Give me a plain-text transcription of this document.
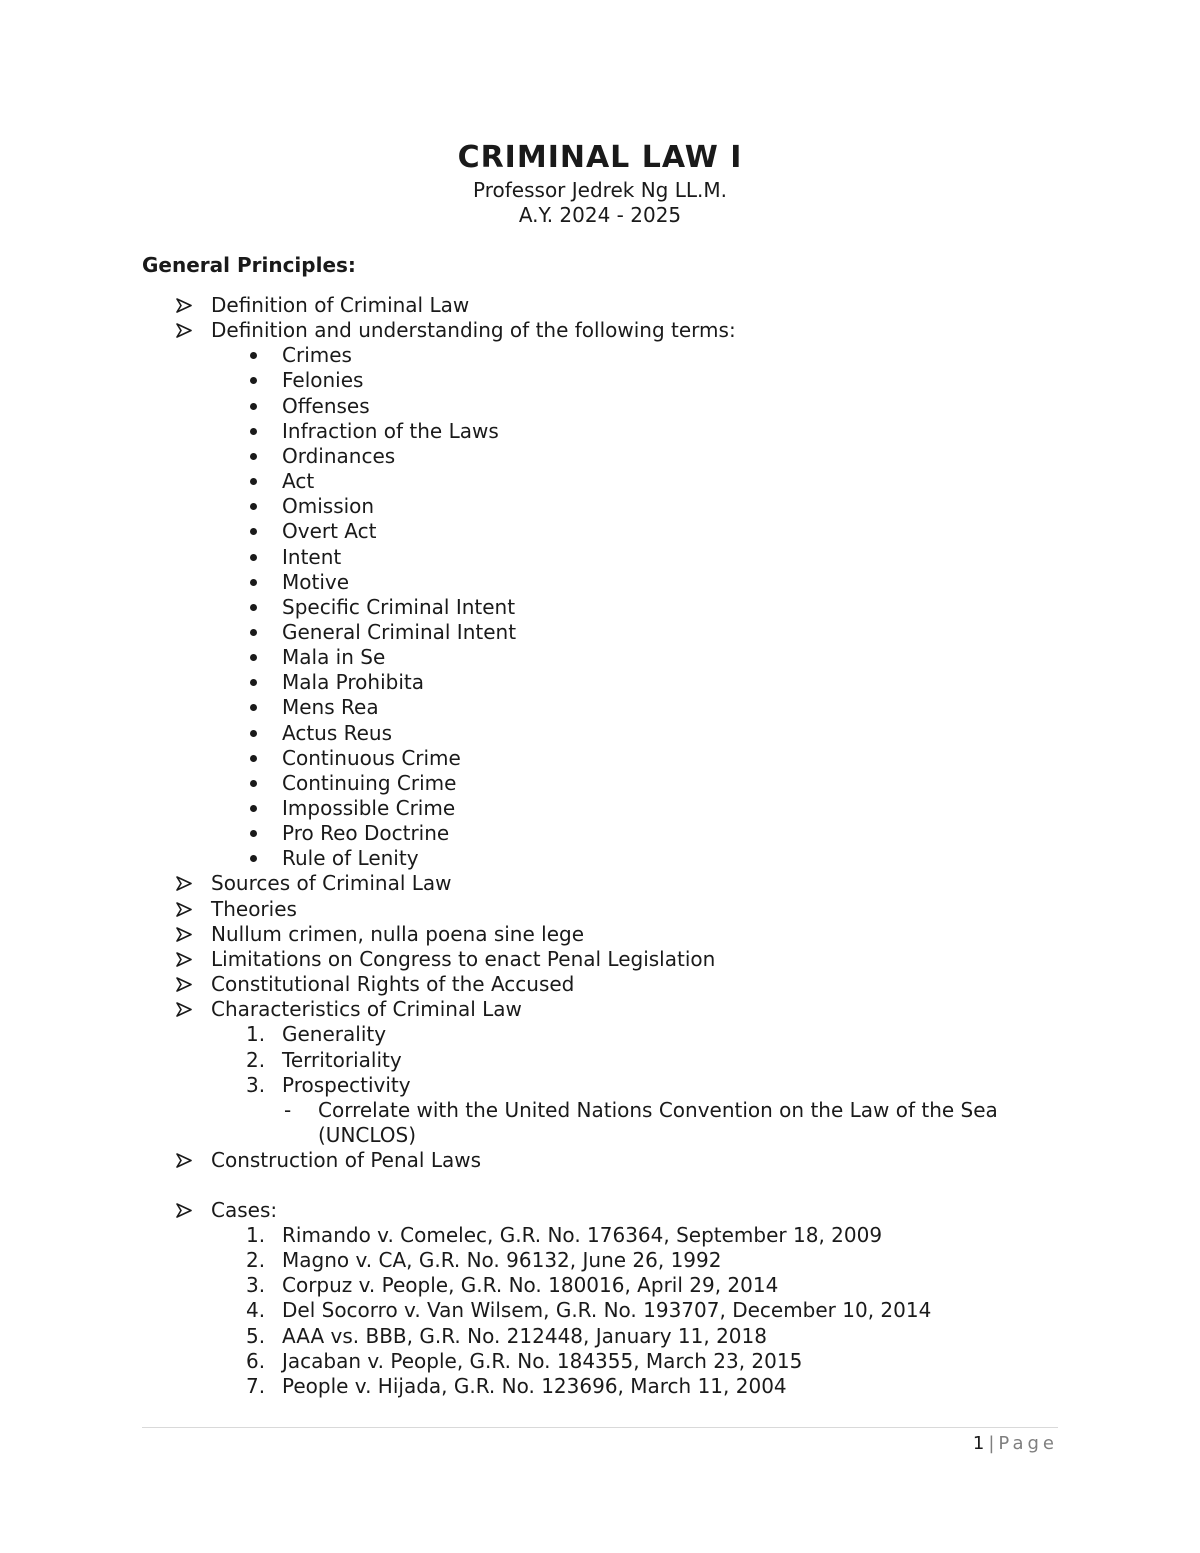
CRIMINAL LAW I
Professor Jedrek Ng LL.M.
A.Y. 2024 - 2025
General Principles:
Definition of Criminal Law
Definition and understanding of the following terms:
Crimes
Felonies
Offenses
Infraction of the Laws
Ordinances
Act
Omission
Overt Act
Intent
Motive
Specific Criminal Intent
General Criminal Intent
Mala in Se
Mala Prohibita
Mens Rea
Actus Reus
Continuous Crime
Continuing Crime
Impossible Crime
Pro Reo Doctrine
Rule of Lenity
Sources of Criminal Law
Theories
Nullum crimen, nulla poena sine lege
Limitations on Congress to enact Penal Legislation
Constitutional Rights of the Accused
Characteristics of Criminal Law
1. Generality
2. Territoriality
3. Prospectivity
-	Correlate with the United Nations Convention on the Law of the Sea
(UNCLOS)
Construction of Penal Laws
Cases:
1. Rimando v. Comelec, G.R. No. 176364, September 18, 2009
2. Magno v. CA, G.R. No. 96132, June 26, 1992
3. Corpuz v. People, G.R. No. 180016, April 29, 2014
4. Del Socorro v. Van Wilsem, G.R. No. 193707, December 10, 2014
5. AAA vs. BBB, G.R. No. 212448, January 11, 2018
6. Jacaban v. People, G.R. No. 184355, March 23, 2015
7. People v. Hijada, G.R. No. 123696, March 11, 2004
1 | Page
